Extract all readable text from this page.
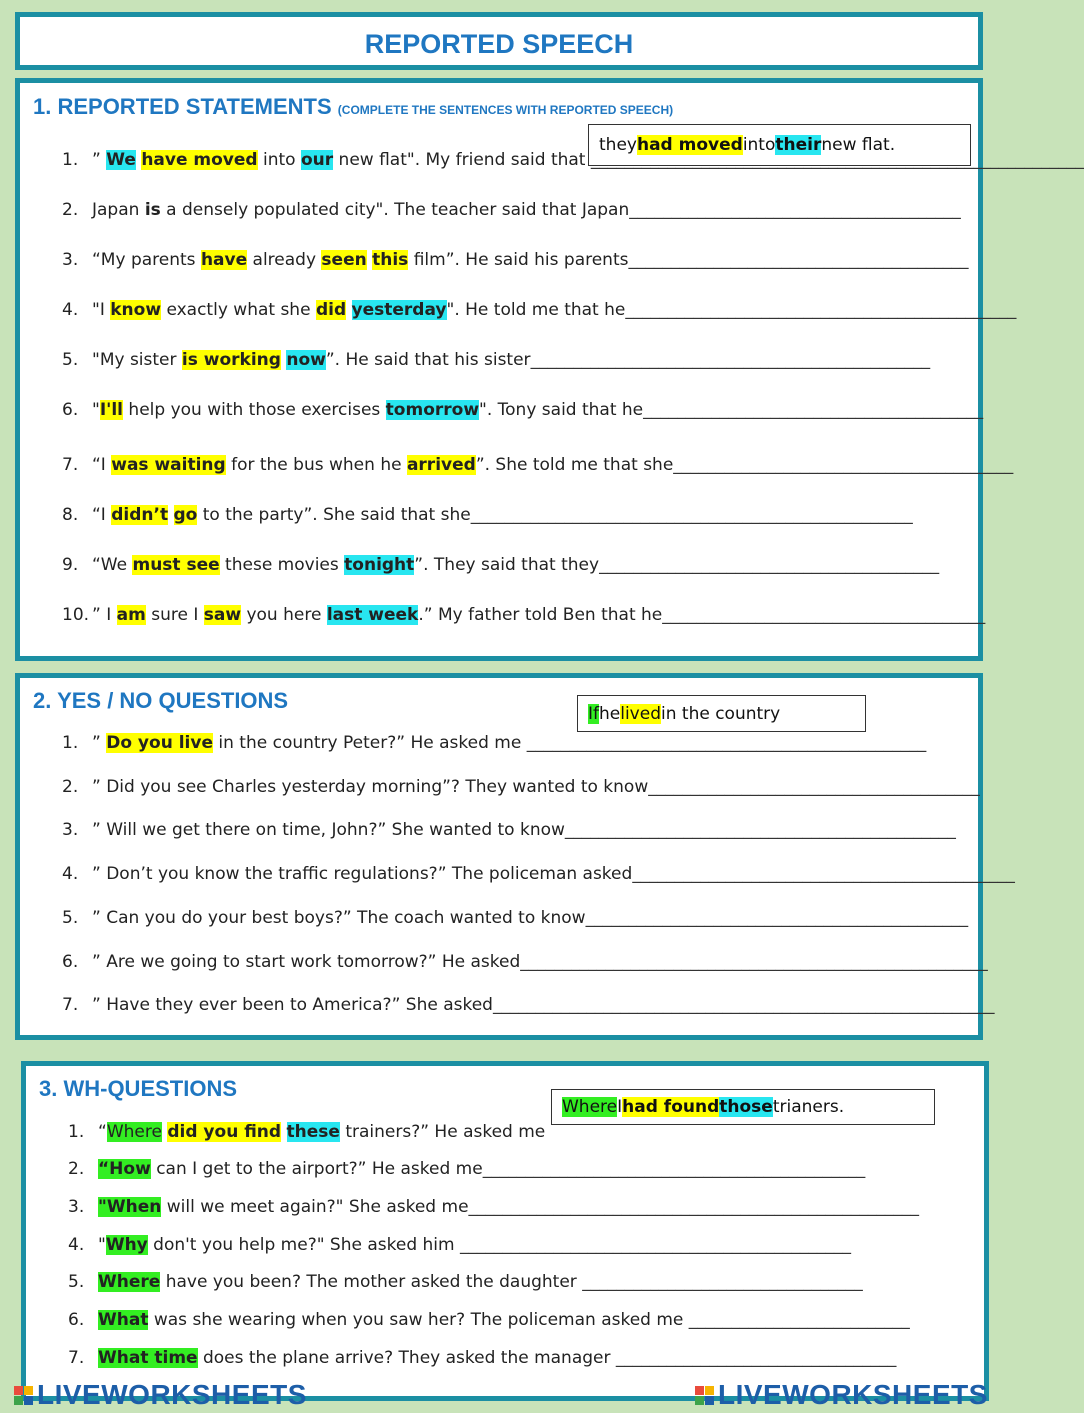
REPORTED SPEECH
1. REPORTED STATEMENTS (COMPLETE THE SENTENCES WITH REPORTED SPEECH)
they had moved into their new flat.
1. ” We have moved into our new flat". My friend said that __________________________________________________________
2. Japan is a densely populated city". The teacher said that Japan_______________________________________
3. “My parents have already seen this film”. He said his parents________________________________________
4. "I know exactly what she did yesterday". He told me that he______________________________________________
5. "My sister is working now”. He said that his sister_______________________________________________
6. "I'll help you with those exercises tomorrow". Tony said that he________________________________________
7. “I was waiting for the bus when he arrived”. She told me that she________________________________________
8. “I didn’t go to the party”. She said that she____________________________________________________
9. “We must see these movies tonight”. They said that they________________________________________
10. ” I am sure I saw you here last week.” My father told Ben that he______________________________________
2. YES / NO QUESTIONS
If he lived in the country
1. ” Do you live in the country Peter?” He asked me _______________________________________________
2. ” Did you see Charles yesterday morning”? They wanted to know_______________________________________
3. ” Will we get there on time, John?” She wanted to know______________________________________________
4. ” Don’t you know the traffic regulations?” The policeman asked_____________________________________________
5. ” Can you do your best boys?” The coach wanted to know_____________________________________________
6. ” Are we going to start work tomorrow?” He asked_______________________________________________________
7. ” Have they ever been to America?” She asked___________________________________________________________
3. WH-QUESTIONS
Where I had found those trianers.
1. “Where did you find these trainers?” He asked me
2. “How can I get to the airport?” He asked me_____________________________________________
3. "When will we meet again?" She asked me_____________________________________________________
4. "Why don't you help me?" She asked him ______________________________________________
5. Where have you been? The mother asked the daughter _________________________________
6. What was she wearing when you saw her? The policeman asked me __________________________
7. What time does the plane arrive? They asked the manager _________________________________
LIVEWORKSHEETS	LIVEWORKSHEETS
